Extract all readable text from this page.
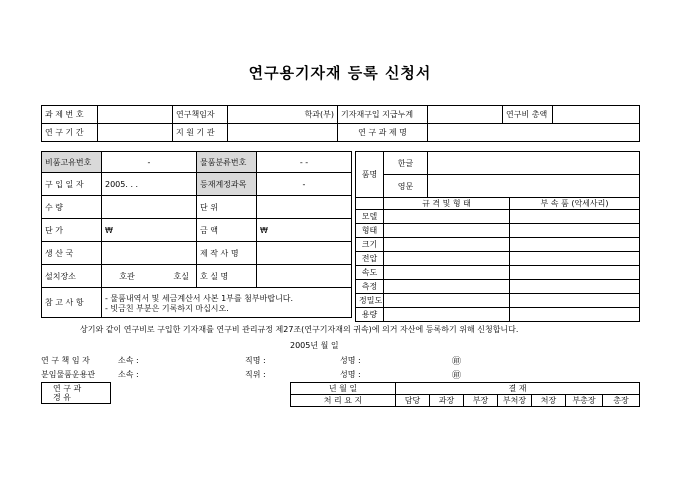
연구용기자재 등록 신청서
과 제 번 호		연구책임자	학과(부)	기자재구입 지급누계		연구비 총액	
연 구 기 간		지 원 기 관		연 구 과 제 명			
비품고유번호	-	물품분류번호	- -
구 입 일 자	2005. . .	등재계정과목	-
수 량		단 위	
단 가	₩	금 액	₩
생 산 국		제 작 사 명	
설치장소	호관 호실	호 실 명	
참 고 사 항	- 물품내역서 및 세금계산서 사본 1부를 첨부바랍니다.
- 빗금친 부분은 기록하지 마십시오.		
품명	한글		
	영문		
	규 격 및 형 태		부 속 품 (악세사리)
모델			
형태			
크기			
전압			
속도			
측정			
정밀도			
용량			
상기와 같이 연구비로 구입한 기자재를 연구비 관리규정 제27조(연구기자재의 귀속)에 의거 자산에 등록하기 위해 신청합니다.
2005년 월 일
연 구 책 임 자	소속 :	직명 :	성명 :	㊞
분임물품운용관	소속 :	직위 :	성명 :	㊞
연 구 과
경 유
년 월 일	결 재						
처 리 요 지	담당	과장	부장	부처장	처장	부총장	총장
